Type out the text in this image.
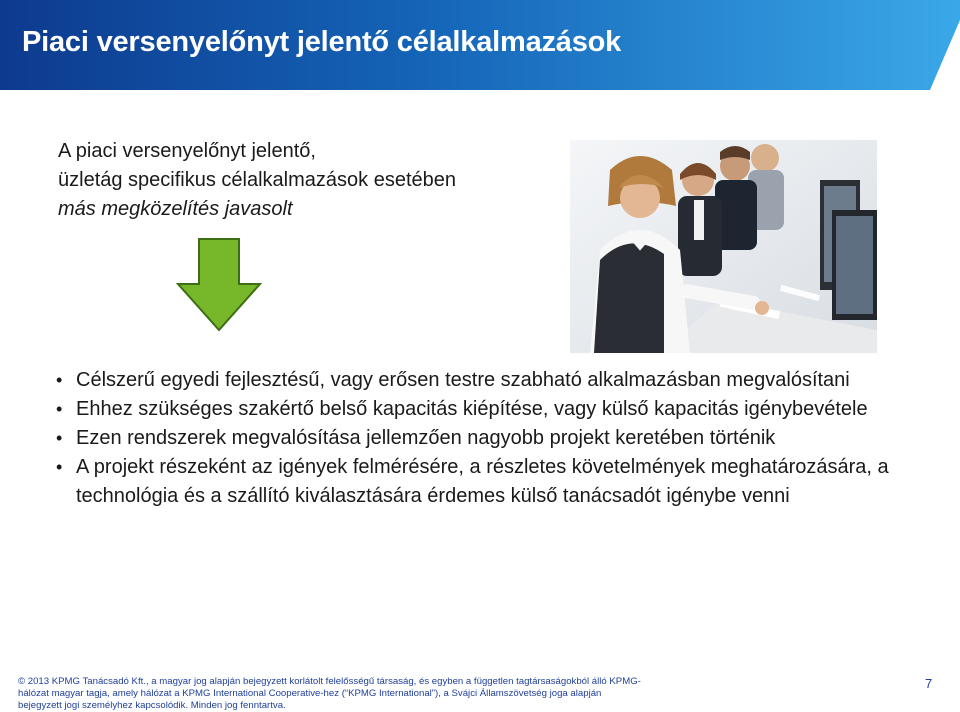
Piaci versenyelőnyt jelentő célalkalmazások
A piaci versenyelőnyt jelentő,
üzletág specifikus célalkalmazások esetében
más megközelítés javasolt
• Célszerű egyedi fejlesztésű, vagy erősen testre szabható alkalmazásban megvalósítani
• Ehhez szükséges szakértő belső kapacitás kiépítése, vagy külső kapacitás igénybevétele
• Ezen rendszerek megvalósítása jellemzően nagyobb projekt keretében történik
• A projekt részeként az igények felmérésére, a részletes követelmények meghatározására, a technológia és a szállító kiválasztására érdemes külső tanácsadót igénybe venni
© 2013 KPMG Tanácsadó Kft., a magyar jog alapján bejegyzett korlátolt felelősségű társaság, és egyben a független tagtársaságokból álló KPMG-
hálózat magyar tagja, amely hálózat a KPMG International Cooperative-hez (“KPMG International”), a Svájci Államszövetség joga alapján
bejegyzett jogi személyhez kapcsolódik. Minden jog fenntartva.
7
